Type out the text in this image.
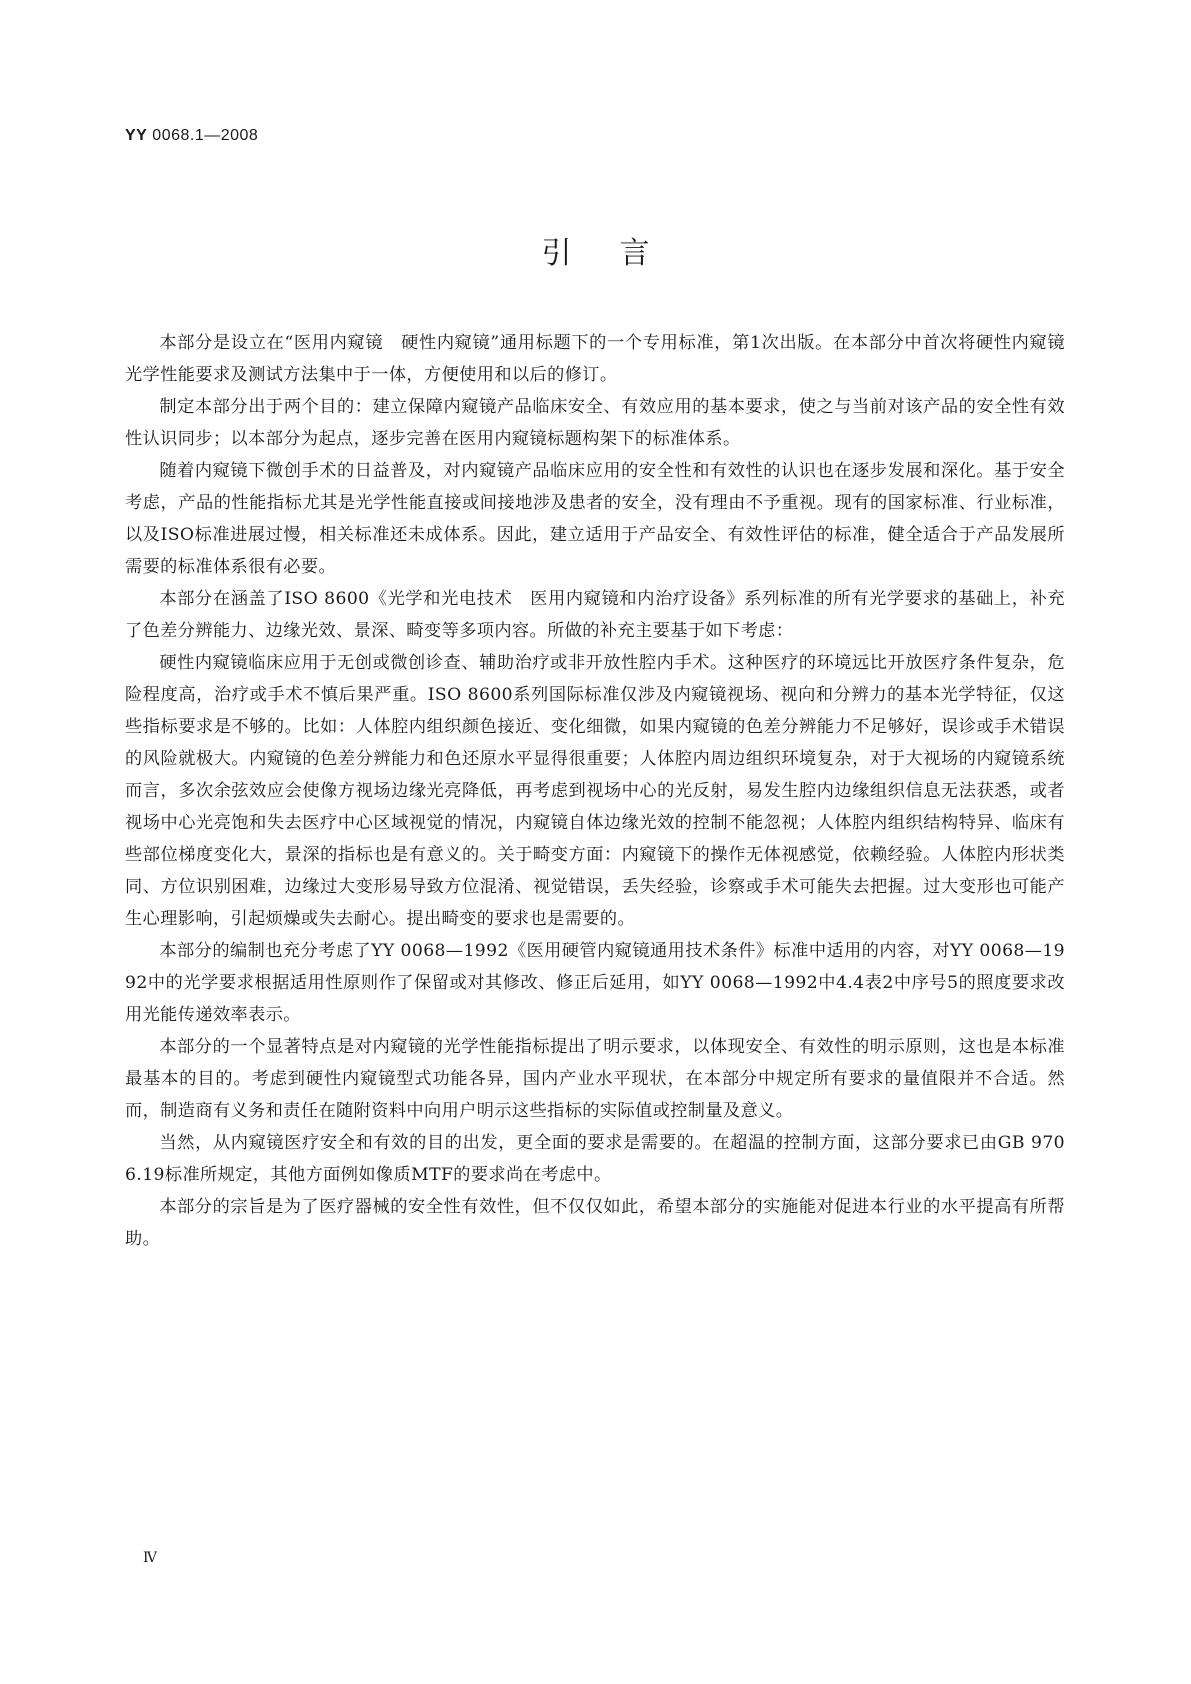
YY 0068.1—2008
引言

本部分是设立在“医用内窥镜　硬性内窥镜”通用标题下的一个专用标准，第1次出版。在本部分中首次将硬性内窥镜光学性能要求及测试方法集中于一体，方便使用和以后的修订。

制定本部分出于两个目的：建立保障内窥镜产品临床安全、有效应用的基本要求，使之与当前对该产品的安全性有效性认识同步；以本部分为起点，逐步完善在医用内窥镜标题构架下的标准体系。

随着内窥镜下微创手术的日益普及，对内窥镜产品临床应用的安全性和有效性的认识也在逐步发展和深化。基于安全考虑，产品的性能指标尤其是光学性能直接或间接地涉及患者的安全，没有理由不予重视。现有的国家标准、行业标准，以及ISO标准进展过慢，相关标准还未成体系。因此，建立适用于产品安全、有效性评估的标准，健全适合于产品发展所需要的标准体系很有必要。

本部分在涵盖了ISO 8600《光学和光电技术　医用内窥镜和内治疗设备》系列标准的所有光学要求的基础上，补充了色差分辨能力、边缘光效、景深、畸变等多项内容。所做的补充主要基于如下考虑：

硬性内窥镜临床应用于无创或微创诊查、辅助治疗或非开放性腔内手术。这种医疗的环境远比开放医疗条件复杂，危险程度高，治疗或手术不慎后果严重。ISO 8600系列国际标准仅涉及内窥镜视场、视向和分辨力的基本光学特征，仅这些指标要求是不够的。比如：人体腔内组织颜色接近、变化细微，如果内窥镜的色差分辨能力不足够好，误诊或手术错误的风险就极大。内窥镜的色差分辨能力和色还原水平显得很重要；人体腔内周边组织环境复杂，对于大视场的内窥镜系统而言，多次余弦效应会使像方视场边缘光亮降低，再考虑到视场中心的光反射，易发生腔内边缘组织信息无法获悉，或者视场中心光亮饱和失去医疗中心区域视觉的情况，内窥镜自体边缘光效的控制不能忽视；人体腔内组织结构特异、临床有些部位梯度变化大，景深的指标也是有意义的。关于畸变方面：内窥镜下的操作无体视感觉，依赖经验。人体腔内形状类同、方位识别困难，边缘过大变形易导致方位混淆、视觉错误，丢失经验，诊察或手术可能失去把握。过大变形也可能产生心理影响，引起烦燥或失去耐心。提出畸变的要求也是需要的。

本部分的编制也充分考虑了YY 0068—1992《医用硬管内窥镜通用技术条件》标准中适用的内容，对YY 0068—1992中的光学要求根据适用性原则作了保留或对其修改、修正后延用，如YY 0068—1992中4.4表2中序号5的照度要求改用光能传递效率表示。

本部分的一个显著特点是对内窥镜的光学性能指标提出了明示要求，以体现安全、有效性的明示原则，这也是本标准最基本的目的。考虑到硬性内窥镜型式功能各异，国内产业水平现状，在本部分中规定所有要求的量值限并不合适。然而，制造商有义务和责任在随附资料中向用户明示这些指标的实际值或控制量及意义。

当然，从内窥镜医疗安全和有效的目的出发，更全面的要求是需要的。在超温的控制方面，这部分要求已由GB 9706.19标准所规定，其他方面例如像质MTF的要求尚在考虑中。

本部分的宗旨是为了医疗器械的安全性有效性，但不仅仅如此，希望本部分的实施能对促进本行业的水平提高有所帮助。

Ⅳ
